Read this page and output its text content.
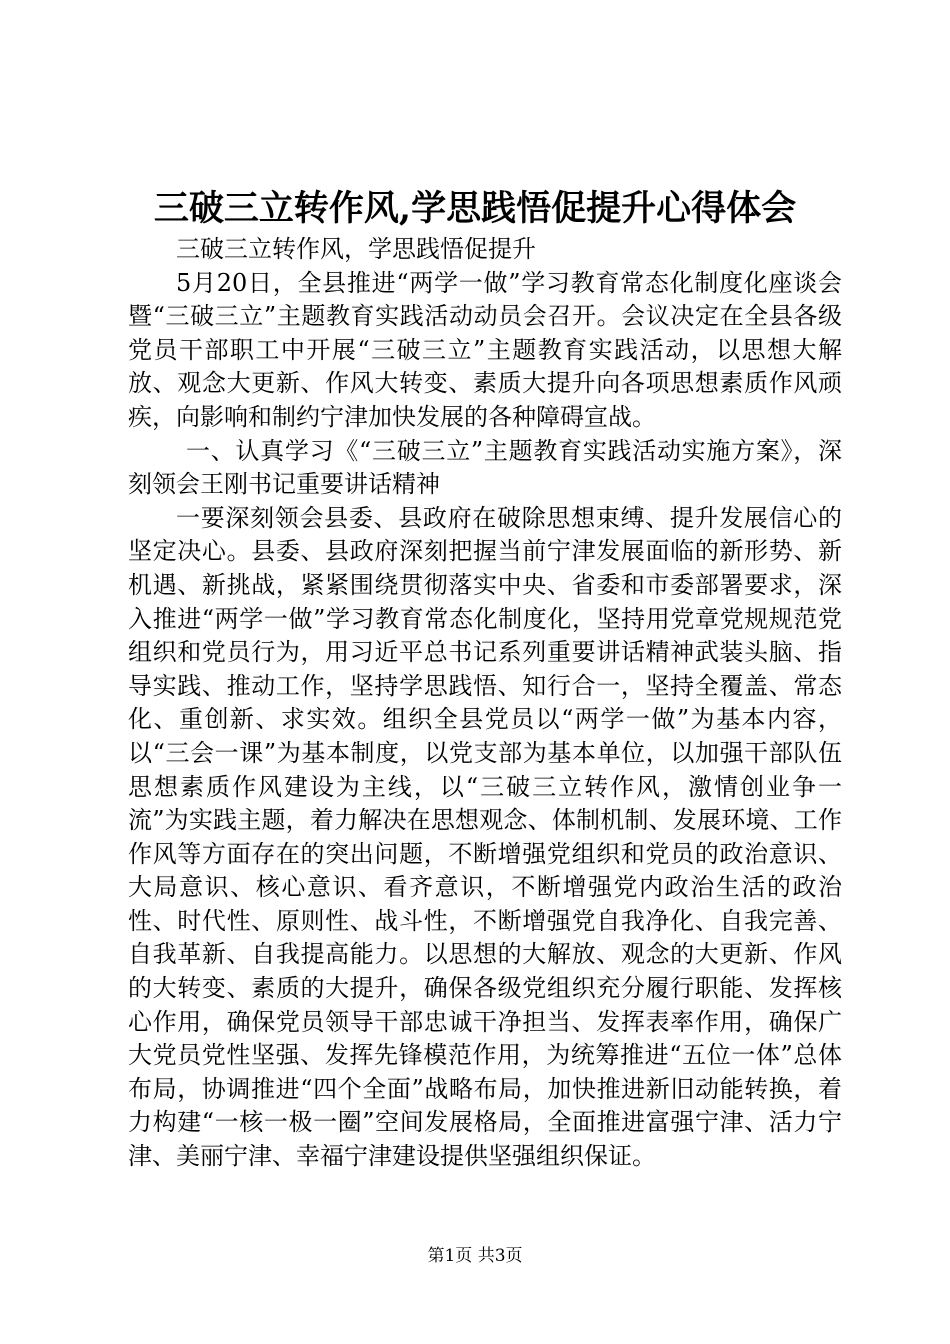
三破三立转作风,学思践悟促提升心得体会

三破三立转作风，学思践悟促提升

5月20日，全县推进“两学一做”学习教育常态化制度化座谈会暨“三破三立”主题教育实践活动动员会召开。会议决定在全县各级党员干部职工中开展“三破三立”主题教育实践活动，以思想大解放、观念大更新、作风大转变、素质大提升向各项思想素质作风顽疾，向影响和制约宁津加快发展的各种障碍宣战。

一、认真学习《“三破三立”主题教育实践活动实施方案》，深刻领会王刚书记重要讲话精神

一要深刻领会县委、县政府在破除思想束缚、提升发展信心的坚定决心。县委、县政府深刻把握当前宁津发展面临的新形势、新机遇、新挑战，紧紧围绕贯彻落实中央、省委和市委部署要求，深入推进“两学一做”学习教育常态化制度化，坚持用党章党规规范党组织和党员行为，用习近平总书记系列重要讲话精神武装头脑、指导实践、推动工作，坚持学思践悟、知行合一，坚持全覆盖、常态化、重创新、求实效。组织全县党员以“两学一做”为基本内容，以“三会一课”为基本制度，以党支部为基本单位，以加强干部队伍思想素质作风建设为主线，以“三破三立转作风，激情创业争一流”为实践主题，着力解决在思想观念、体制机制、发展环境、工作作风等方面存在的突出问题，不断增强党组织和党员的政治意识、大局意识、核心意识、看齐意识，不断增强党内政治生活的政治性、时代性、原则性、战斗性，不断增强党自我净化、自我完善、自我革新、自我提高能力。以思想的大解放、观念的大更新、作风的大转变、素质的大提升，确保各级党组织充分履行职能、发挥核心作用，确保党员领导干部忠诚干净担当、发挥表率作用，确保广大党员党性坚强、发挥先锋模范作用，为统筹推进“五位一体”总体布局，协调推进“四个全面”战略布局，加快推进新旧动能转换，着力构建“一核一极一圈”空间发展格局，全面推进富强宁津、活力宁津、美丽宁津、幸福宁津建设提供坚强组织保证。

第1页 共3页
